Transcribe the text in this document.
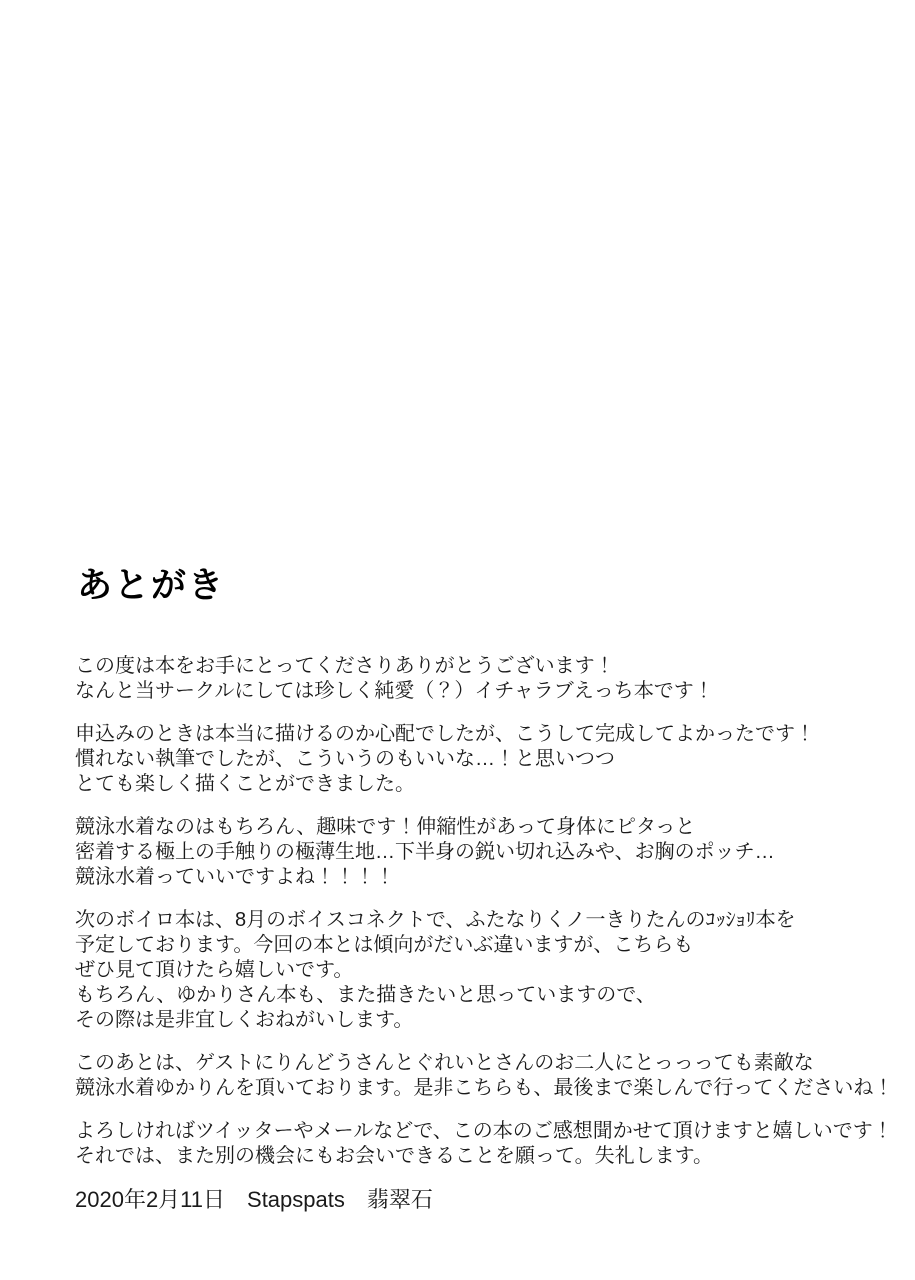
あとがき

この度は本をお手にとってくださりありがとうございます！
なんと当サークルにしては珍しく純愛（？）イチャラブえっち本です！

申込みのときは本当に描けるのか心配でしたが、こうして完成してよかったです！
慣れない執筆でしたが、こういうのもいいな…！と思いつつ
とても楽しく描くことができました。

競泳水着なのはもちろん、趣味です！伸縮性があって身体にピタっと
密着する極上の手触りの極薄生地…下半身の鋭い切れ込みや、お胸のポッチ…
競泳水着っていいですよね！！！！

次のボイロ本は、8月のボイスコネクトで、ふたなりくノ一きりたんのｺｯｼｮﾘ本を
予定しております。今回の本とは傾向がだいぶ違いますが、こちらも
ぜひ見て頂けたら嬉しいです。
もちろん、ゆかりさん本も、また描きたいと思っていますので、
その際は是非宜しくおねがいします。

このあとは、ゲストにりんどうさんとぐれいとさんのお二人にとっっっても素敵な
競泳水着ゆかりんを頂いております。是非こちらも、最後まで楽しんで行ってくださいね！

よろしければツイッターやメールなどで、この本のご感想聞かせて頂けますと嬉しいです！
それでは、また別の機会にもお会いできることを願って。失礼します。

2020年2月11日　Stapspats　翡翠石
